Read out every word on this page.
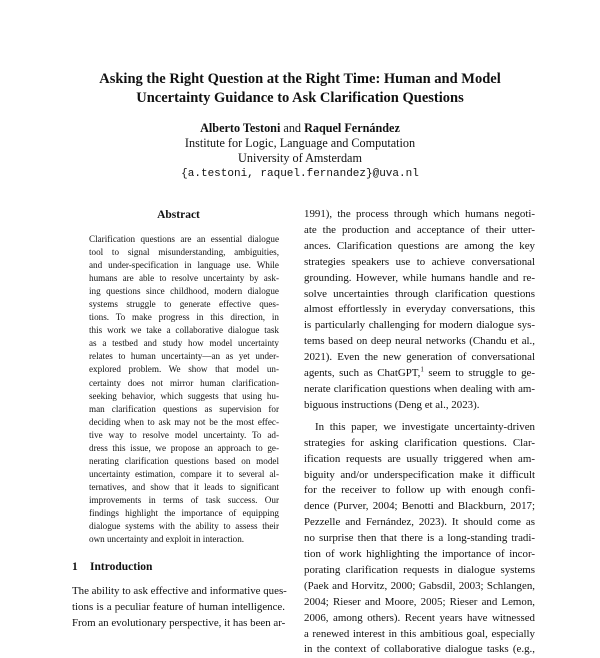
Asking the Right Question at the Right Time: Human and Model
Uncertainty Guidance to Ask Clarification Questions
Alberto Testoni and Raquel Fernández
Institute for Logic, Language and Computation
University of Amsterdam
{a.testoni, raquel.fernandez}@uva.nl
Abstract
Clarification questions are an essential dialogue
tool to signal misunderstanding, ambiguities,
and under-specification in language use. While
humans are able to resolve uncertainty by ask-
ing questions since childhood, modern dialogue
systems struggle to generate effective ques-
tions. To make progress in this direction, in
this work we take a collaborative dialogue task
as a testbed and study how model uncertainty
relates to human uncertainty—an as yet under-
explored problem. We show that model un-
certainty does not mirror human clarification-
seeking behavior, which suggests that using hu-
man clarification questions as supervision for
deciding when to ask may not be the most effec-
tive way to resolve model uncertainty. To ad-
dress this issue, we propose an approach to ge-
nerating clarification questions based on model
uncertainty estimation, compare it to several al-
ternatives, and show that it leads to significant
improvements in terms of task success. Our
findings highlight the importance of equipping
dialogue systems with the ability to assess their
own uncertainty and exploit in interaction.
1 Introduction
The ability to ask effective and informative ques-
tions is a peculiar feature of human intelligence.
From an evolutionary perspective, it has been ar-
1991), the process through which humans negoti-
ate the production and acceptance of their utter-
ances. Clarification questions are among the key
strategies speakers use to achieve conversational
grounding. However, while humans handle and re-
solve uncertainties through clarification questions
almost effortlessly in everyday conversations, this
is particularly challenging for modern dialogue sys-
tems based on deep neural networks (Chandu et al.,
2021). Even the new generation of conversational
agents, such as ChatGPT,$^1$ seem to struggle to ge-
nerate clarification questions when dealing with am-
biguous instructions (Deng et al., 2023).
In this paper, we investigate uncertainty-driven
strategies for asking clarification questions. Clar-
ification requests are usually triggered when am-
biguity and/or underspecification make it difficult
for the receiver to follow up with enough confi-
dence (Purver, 2004; Benotti and Blackburn, 2017;
Pezzelle and Fernández, 2023). It should come as
no surprise then that there is a long-standing tradi-
tion of work highlighting the importance of incor-
porating clarification requests in dialogue systems
(Paek and Horvitz, 2000; Gabsdil, 2003; Schlangen,
2004; Rieser and Moore, 2005; Rieser and Lemon,
2006, among others). Recent years have witnessed
a renewed interest in this ambitious goal, especially
in the context of collaborative dialogue tasks (e.g.,
